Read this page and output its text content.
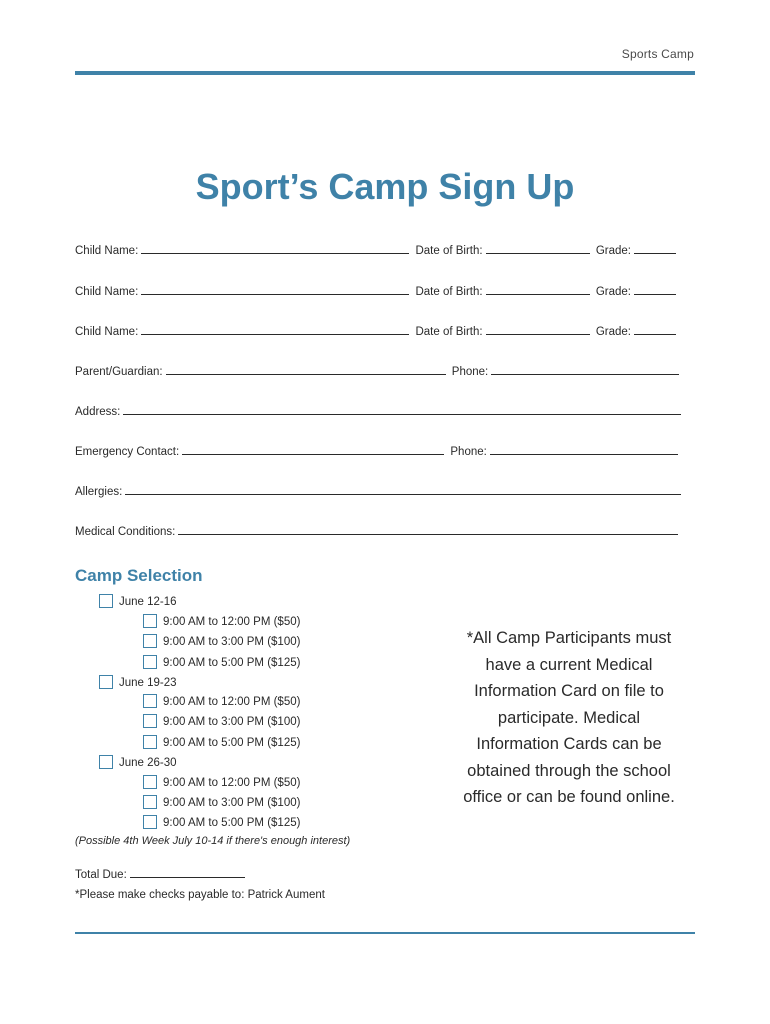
Sports Camp
Sport’s Camp Sign Up
Child Name:	Date of Birth:	Grade:
Child Name:	Date of Birth:	Grade:
Child Name:	Date of Birth:	Grade:
Parent/Guardian:	Phone:
Address:
Emergency Contact:	Phone:
Allergies:
Medical Conditions:
Camp Selection
June 12-16
9:00 AM to 12:00 PM ($50)
9:00 AM to 3:00 PM ($100)
9:00 AM to 5:00 PM ($125)
June 19-23
9:00 AM to 12:00 PM ($50)
9:00 AM to 3:00 PM ($100)
9:00 AM to 5:00 PM ($125)
June 26-30
9:00 AM to 12:00 PM ($50)
9:00 AM to 3:00 PM ($100)
9:00 AM to 5:00 PM ($125)
(Possible 4th Week July 10-14 if there's enough interest)
*All Camp Participants must have a current Medical Information Card on file to participate. Medical Information Cards can be obtained through the school office or can be found online.
Total Due:
*Please make checks payable to: Patrick Aument
